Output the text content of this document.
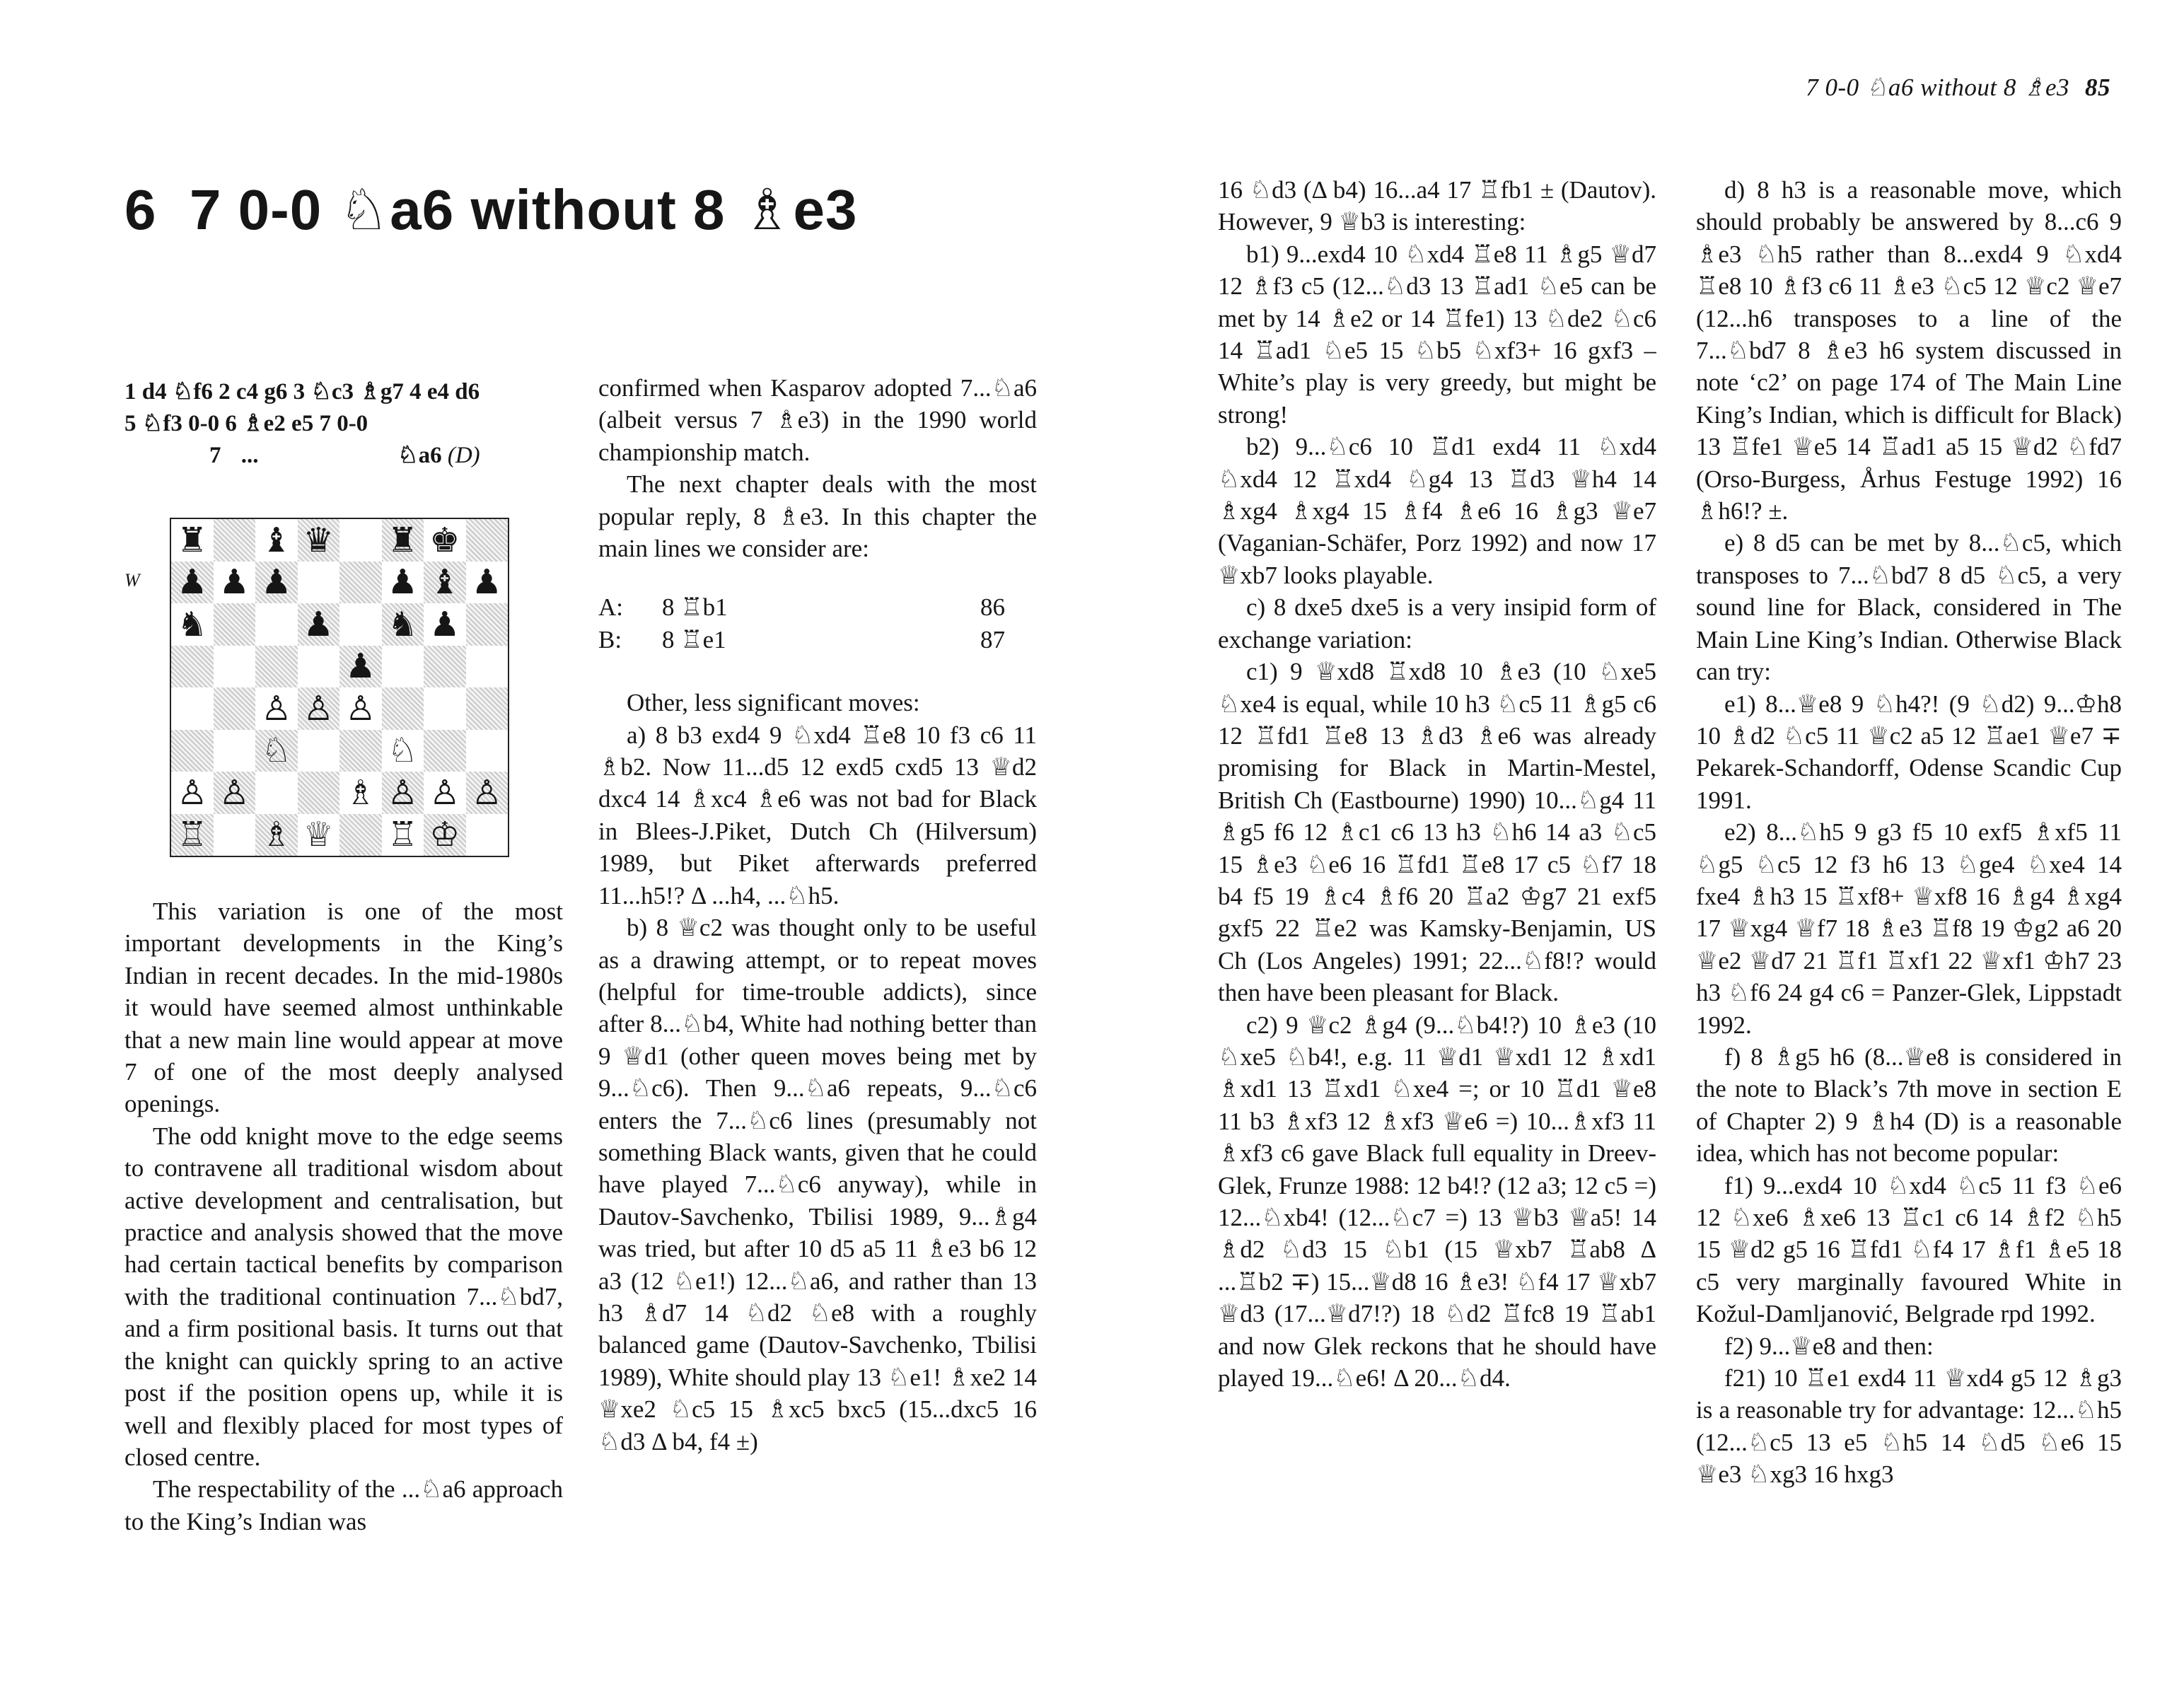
7 0-0 ♘a6 without 8 ♗e3 85
6 7 0-0 ♘a6 without 8 ♗e3

1 d4 ♘f6 2 c4 g6 3 ♘c3 ♗g7 4 e4 d6

5 ♘f3 0-0 6 ♗e2 e5 7 0-0

7 ...	♘a6 (D)

W
♜ ♝ ♛ ♜ ♚
♟ ♟ ♟	♟ ♝ ♟
♞	♟ ♞ ♟
♟
♙ ♙ ♙
♘	♘
♙ ♙	♗ ♙ ♙ ♙
♖ ♗ ♕ ♖ ♔

This variation is one of the most important developments in the King’s Indian in recent decades. In the mid-1980s it would have seemed almost unthinkable that a new main line would appear at move 7 of one of the most deeply analysed openings.

The odd knight move to the edge seems to contravene all traditional wisdom about active development and centralisation, but practice and analysis showed that the move had certain tactical benefits by comparison with the traditional continuation 7...♘bd7, and a firm positional basis. It turns out that the knight can quickly spring to an active post if the position opens up, while it is well and flexibly placed for most types of closed centre.

The respectability of the ...♘a6 approach to the King’s Indian was

confirmed when Kasparov adopted 7...♘a6 (albeit versus 7 ♗e3) in the 1990 world championship match.

The next chapter deals with the most popular reply, 8 ♗e3. In this chapter the main lines we consider are:

A:	8 ♖b1	86
B:	8 ♖e1	87

Other, less significant moves:

a) 8 b3 exd4 9 ♘xd4 ♖e8 10 f3 c6 11 ♗b2. Now 11...d5 12 exd5 cxd5 13 ♕d2 dxc4 14 ♗xc4 ♗e6 was not bad for Black in Blees-J.Piket, Dutch Ch (Hilversum) 1989, but Piket afterwards preferred 11...h5!? Δ ...h4, ...♘h5.

b) 8 ♕c2 was thought only to be useful as a drawing attempt, or to repeat moves (helpful for time-trouble addicts), since after 8...♘b4, White had nothing better than 9 ♕d1 (other queen moves being met by 9...♘c6). Then 9...♘a6 repeats, 9...♘c6 enters the 7...♘c6 lines (presumably not something Black wants, given that he could have played 7...♘c6 anyway), while in Dautov-Savchenko, Tbilisi 1989, 9...♗g4 was tried, but after 10 d5 a5 11 ♗e3 b6 12 a3 (12 ♘e1!) 12...♘a6, and rather than 13 h3 ♗d7 14 ♘d2 ♘e8 with a roughly balanced game (Dautov-Savchenko, Tbilisi 1989), White should play 13 ♘e1! ♗xe2 14 ♕xe2 ♘c5 15 ♗xc5 bxc5 (15...dxc5 16 ♘d3 Δ b4, f4 ±)

16 ♘d3 (Δ b4) 16...a4 17 ♖fb1 ± (Dautov). However, 9 ♕b3 is interesting:

b1) 9...exd4 10 ♘xd4 ♖e8 11 ♗g5 ♕d7 12 ♗f3 c5 (12...♘d3 13 ♖ad1 ♘e5 can be met by 14 ♗e2 or 14 ♖fe1) 13 ♘de2 ♘c6 14 ♖ad1 ♘e5 15 ♘b5 ♘xf3+ 16 gxf3 – White’s play is very greedy, but might be strong!

b2) 9...♘c6 10 ♖d1 exd4 11 ♘xd4 ♘xd4 12 ♖xd4 ♘g4 13 ♖d3 ♕h4 14 ♗xg4 ♗xg4 15 ♗f4 ♗e6 16 ♗g3 ♕e7 (Vaganian-Schäfer, Porz 1992) and now 17 ♕xb7 looks playable.

c) 8 dxe5 dxe5 is a very insipid form of exchange variation:

c1) 9 ♕xd8 ♖xd8 10 ♗e3 (10 ♘xe5 ♘xe4 is equal, while 10 h3 ♘c5 11 ♗g5 c6 12 ♖fd1 ♖e8 13 ♗d3 ♗e6 was already promising for Black in Martin-Mestel, British Ch (Eastbourne) 1990) 10...♘g4 11 ♗g5 f6 12 ♗c1 c6 13 h3 ♘h6 14 a3 ♘c5 15 ♗e3 ♘e6 16 ♖fd1 ♖e8 17 c5 ♘f7 18 b4 f5 19 ♗c4 ♗f6 20 ♖a2 ♔g7 21 exf5 gxf5 22 ♖e2 was Kamsky-Benjamin, US Ch (Los Angeles) 1991; 22...♘f8!? would then have been pleasant for Black.

c2) 9 ♕c2 ♗g4 (9...♘b4!?) 10 ♗e3 (10 ♘xe5 ♘b4!, e.g. 11 ♕d1 ♕xd1 12 ♗xd1 ♗xd1 13 ♖xd1 ♘xe4 =; or 10 ♖d1 ♕e8 11 b3 ♗xf3 12 ♗xf3 ♕e6 =) 10...♗xf3 11 ♗xf3 c6 gave Black full equality in Dreev-Glek, Frunze 1988: 12 b4!? (12 a3; 12 c5 =) 12...♘xb4! (12...♘c7 =) 13 ♕b3 ♕a5! 14 ♗d2 ♘d3 15 ♘b1 (15 ♕xb7 ♖ab8 Δ ...♖b2 ∓) 15...♕d8 16 ♗e3! ♘f4 17 ♕xb7 ♕d3 (17...♕d7!?) 18 ♘d2 ♖fc8 19 ♖ab1 and now Glek reckons that he should have played 19...♘e6! Δ 20...♘d4.

d) 8 h3 is a reasonable move, which should probably be answered by 8...c6 9 ♗e3 ♘h5 rather than 8...exd4 9 ♘xd4 ♖e8 10 ♗f3 c6 11 ♗e3 ♘c5 12 ♕c2 ♕e7 (12...h6 transposes to a line of the 7...♘bd7 8 ♗e3 h6 system discussed in note ‘c2’ on page 174 of The Main Line King’s Indian, which is difficult for Black) 13 ♖fe1 ♕e5 14 ♖ad1 a5 15 ♕d2 ♘fd7 (Orso-Burgess, Århus Festuge 1992) 16 ♗h6!? ±.

e) 8 d5 can be met by 8...♘c5, which transposes to 7...♘bd7 8 d5 ♘c5, a very sound line for Black, considered in The Main Line King’s Indian. Otherwise Black can try:

e1) 8...♕e8 9 ♘h4?! (9 ♘d2) 9...♔h8 10 ♗d2 ♘c5 11 ♕c2 a5 12 ♖ae1 ♕e7 ∓ Pekarek-Schandorff, Odense Scandic Cup 1991.

e2) 8...♘h5 9 g3 f5 10 exf5 ♗xf5 11 ♘g5 ♘c5 12 f3 h6 13 ♘ge4 ♘xe4 14 fxe4 ♗h3 15 ♖xf8+ ♕xf8 16 ♗g4 ♗xg4 17 ♕xg4 ♕f7 18 ♗e3 ♖f8 19 ♔g2 a6 20 ♕e2 ♕d7 21 ♖f1 ♖xf1 22 ♕xf1 ♔h7 23 h3 ♘f6 24 g4 c6 = Panzer-Glek, Lippstadt 1992.

f) 8 ♗g5 h6 (8...♕e8 is considered in the note to Black’s 7th move in section E of Chapter 2) 9 ♗h4 (D) is a reasonable idea, which has not become popular:

f1) 9...exd4 10 ♘xd4 ♘c5 11 f3 ♘e6 12 ♘xe6 ♗xe6 13 ♖c1 c6 14 ♗f2 ♘h5 15 ♕d2 g5 16 ♖fd1 ♘f4 17 ♗f1 ♗e5 18 c5 very marginally favoured White in Kožul-Damljanović, Belgrade rpd 1992.

f2) 9...♕e8 and then:

f21) 10 ♖e1 exd4 11 ♕xd4 g5 12 ♗g3 is a reasonable try for advantage: 12...♘h5 (12...♘c5 13 e5 ♘h5 14 ♘d5 ♘e6 15 ♕e3 ♘xg3 16 hxg3
